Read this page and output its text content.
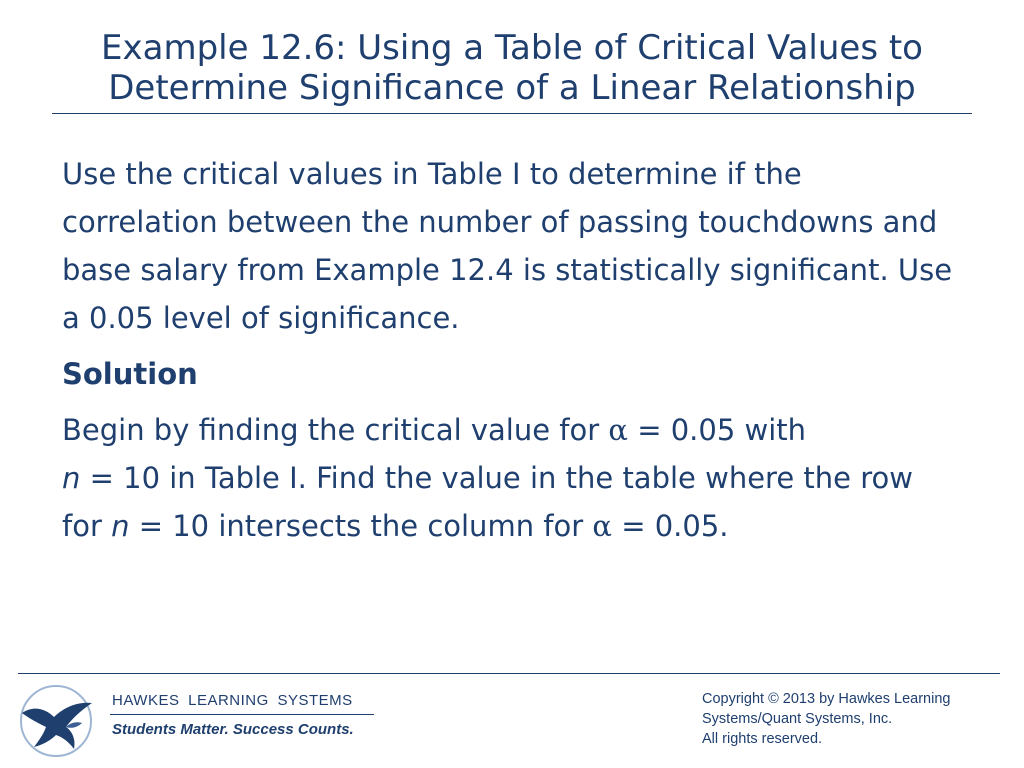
Example 12.6: Using a Table of Critical Values to
Determine Significance of a Linear Relationship

Use the critical values in Table I to determine if the correlation between the number of passing touchdowns and base salary from Example 12.4 is statistically significant. Use a 0.05 level of significance.

Solution

Begin by finding the critical value for α = 0.05 with
n = 10 in Table I. Find the value in the table where the row for n = 10 intersects the column for α = 0.05.

HAWKES LEARNING SYSTEMS
Students Matter. Success Counts.
Copyright © 2013 by Hawkes Learning
Systems/Quant Systems, Inc.
All rights reserved.
